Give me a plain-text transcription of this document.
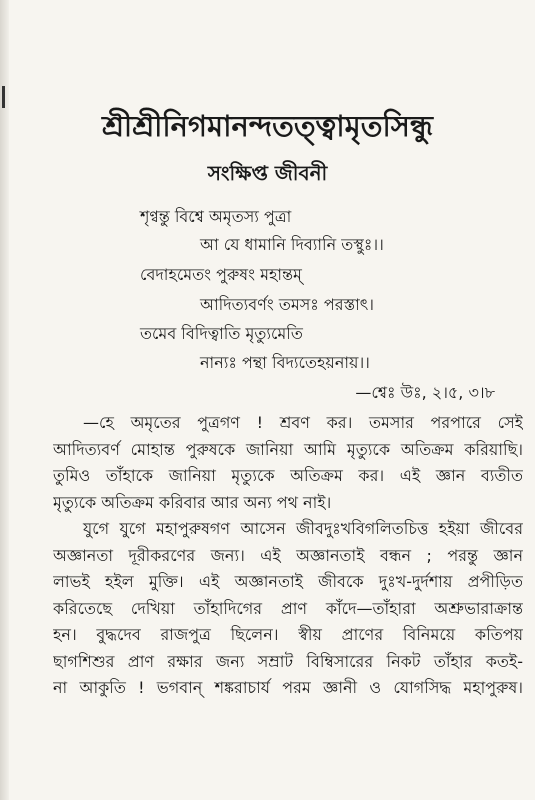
শ্রীশ্রীনিগমানন্দতত্ত্বামৃতসিন্ধু
সংক্ষিপ্ত জীবনী
শৃণ্বন্তু বিশ্বে অমৃতস্য পুত্রা
আ যে ধামানি দিব্যানি তস্থুঃ।।
বেদাহমেতং পুরুষং মহান্তম্
আদিত্যবর্ণং তমসঃ পরস্তাৎ।
তমেব বিদিত্বাতি মৃত্যুমেতি
নান্যঃ পন্থা বিদ্যতেহয়নায়।।
—শ্বেঃ উঃ, ২।৫, ৩।৮
—হে অমৃতের পুত্রগণ ! শ্রবণ কর। তমসার পরপারে সেই
আদিত্যবর্ণ মোহান্ত পুরুষকে জানিয়া আমি মৃত্যুকে অতিক্রম করিয়াছি।
তুমিও তাঁহাকে জানিয়া মৃত্যুকে অতিক্রম কর। এই জ্ঞান ব্যতীত
মৃত্যুকে অতিক্রম করিবার আর অন্য পথ নাই।
যুগে যুগে মহাপুরুষগণ আসেন জীবদুঃখবিগলিতচিত্ত হইয়া জীবের
অজ্ঞানতা দূরীকরণের জন্য। এই অজ্ঞানতাই বন্ধন ; পরন্তু জ্ঞান
লাভই হইল মুক্তি। এই অজ্ঞানতাই জীবকে দুঃখ-দুর্দশায় প্রপীড়িত
করিতেছে দেখিয়া তাঁহাদিগের প্রাণ কাঁদে—তাঁহারা অশ্রুভারাক্রান্ত
হন। বুদ্ধদেব রাজপুত্র ছিলেন। স্বীয় প্রাণের বিনিময়ে কতিপয়
ছাগশিশুর প্রাণ রক্ষার জন্য সম্রাট বিম্বিসারের নিকট তাঁহার কতই-
না আকুতি ! ভগবান্ শঙ্করাচার্য পরম জ্ঞানী ও যোগসিদ্ধ মহাপুরুষ।
